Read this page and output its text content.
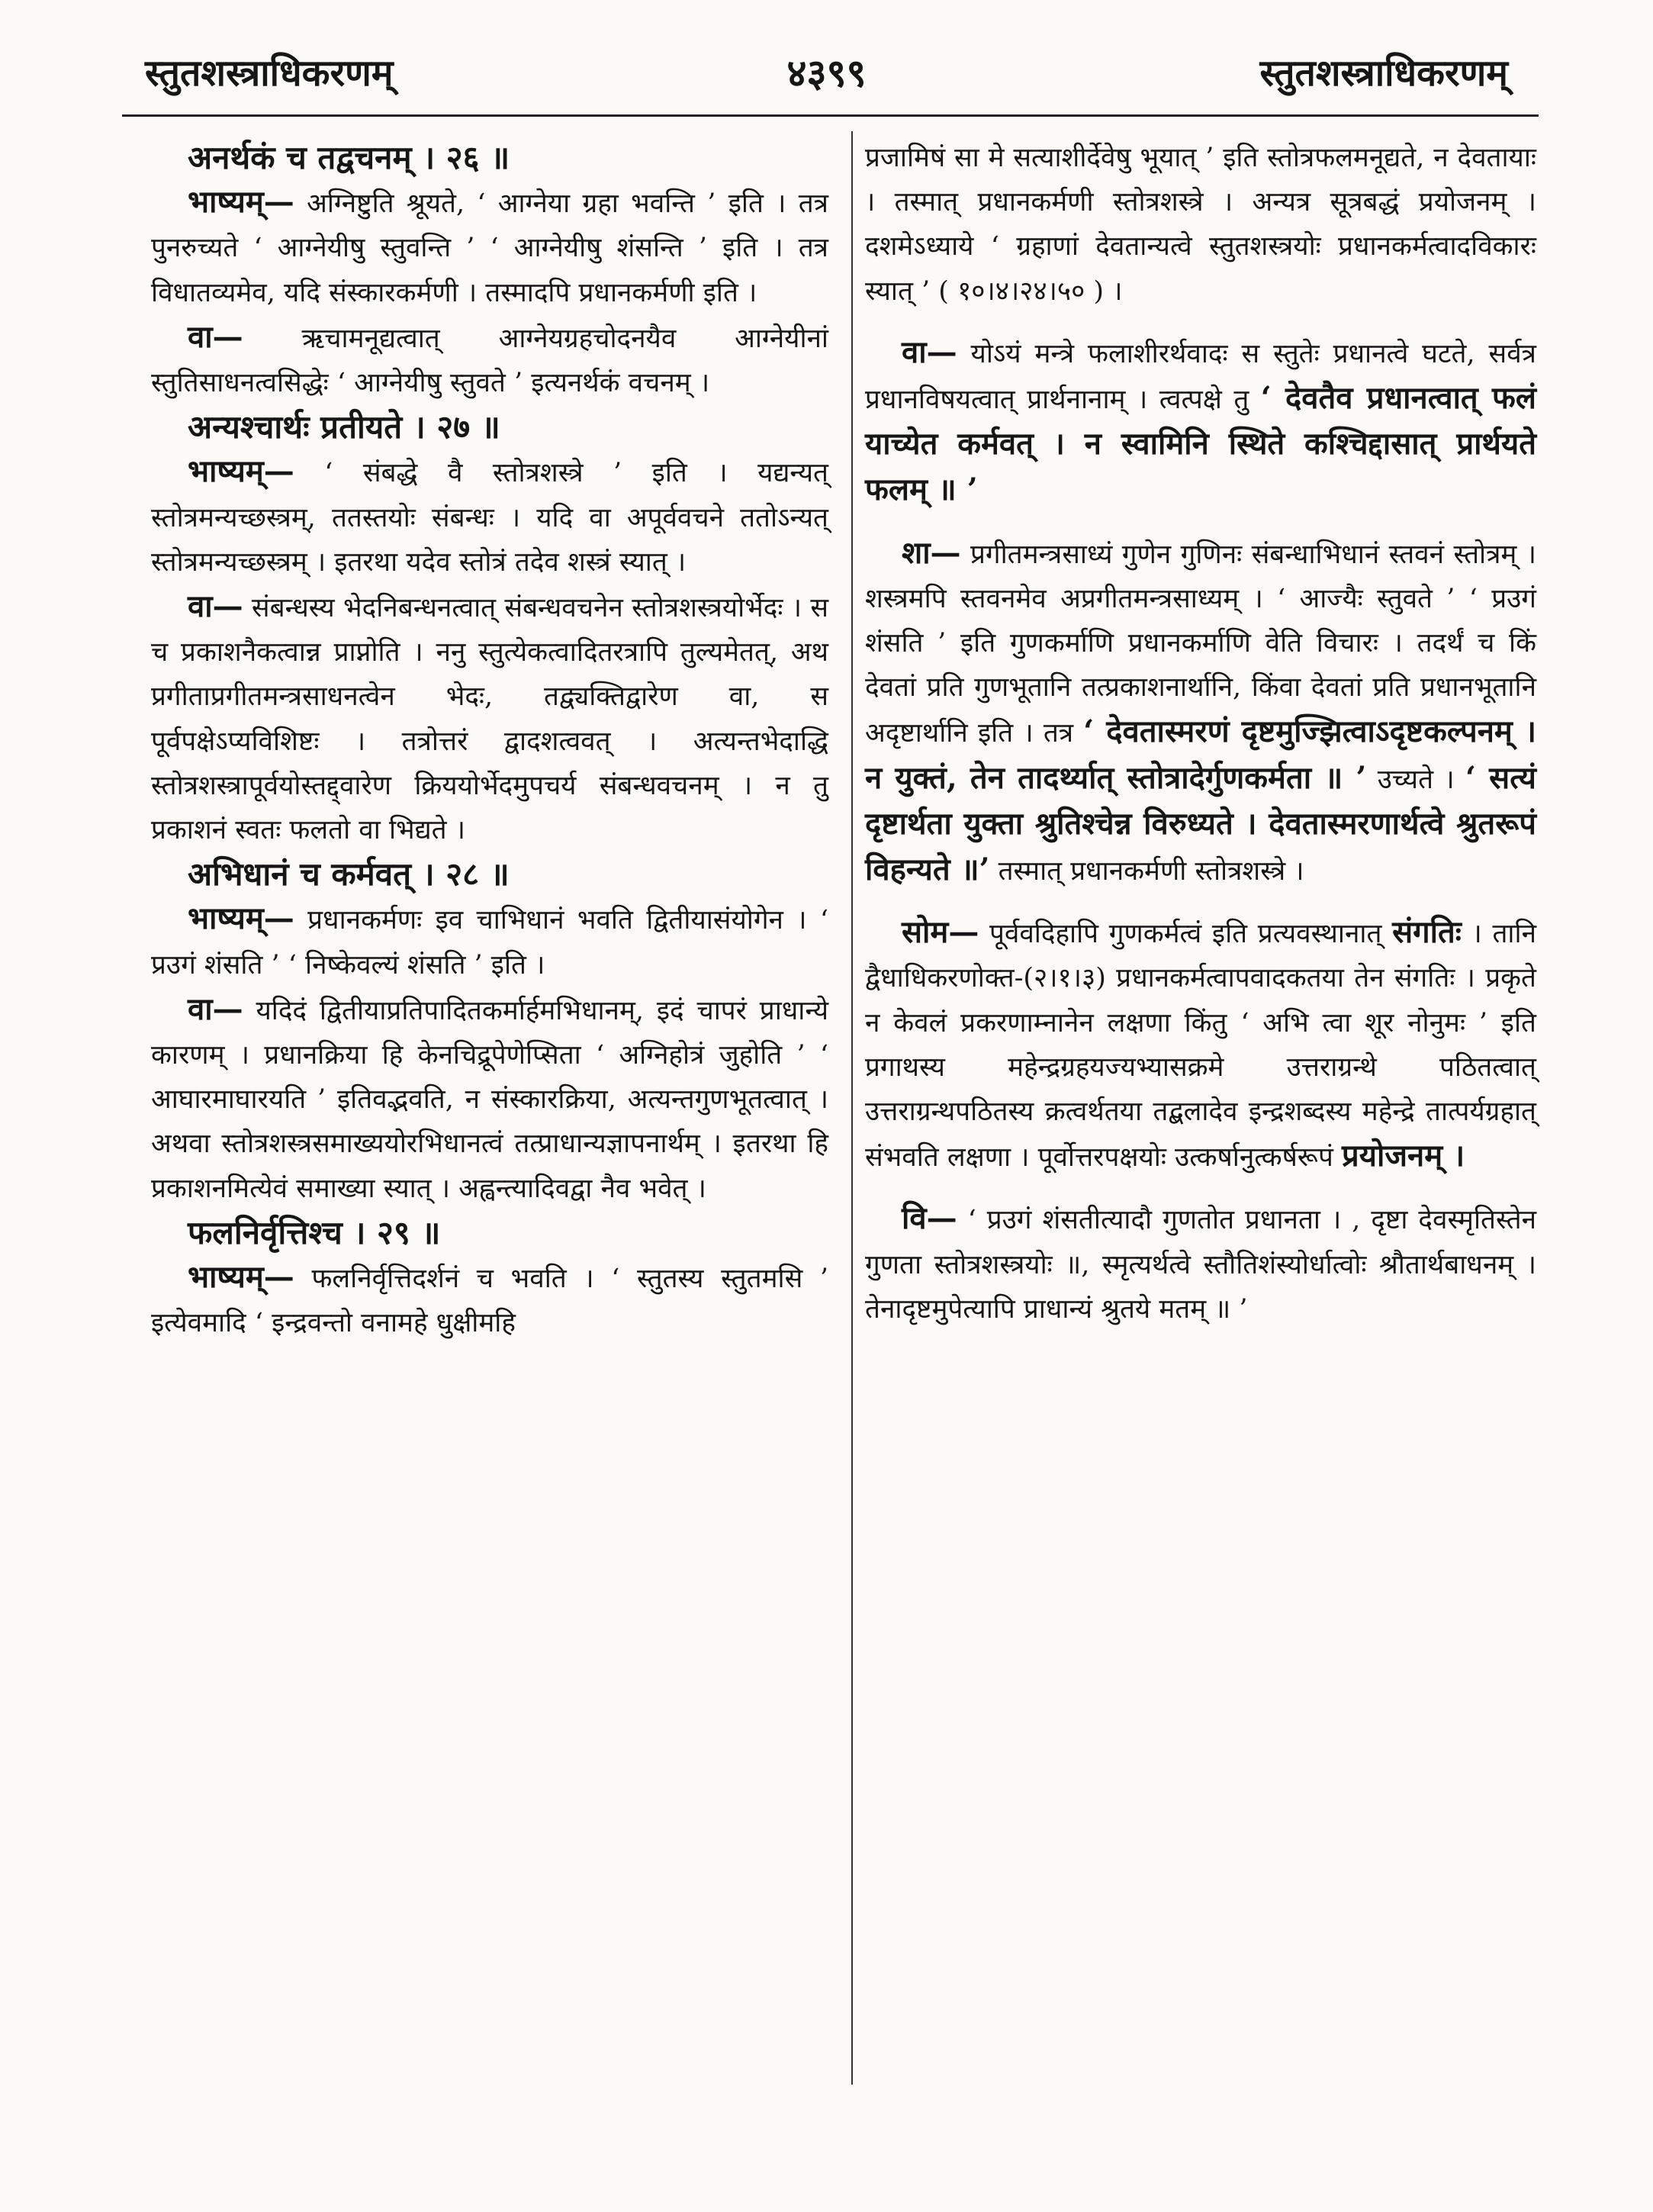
स्तुतशस्त्राधिकरणम्	४३९९	स्तुतशस्त्राधिकरणम्

अनर्थकं च तद्वचनम् । २६ ॥

भाष्यम्— अग्निष्टुति श्रूयते, ‘ आग्नेया ग्रहा भवन्ति ’ इति । तत्र पुनरुच्यते ‘ आग्नेयीषु स्तुवन्ति ’ ‘ आग्नेयीषु शंसन्ति ’ इति । तत्र विधातव्यमेव, यदि संस्कारकर्मणी । तस्मादपि प्रधानकर्मणी इति ।

वा— ऋचामनूद्यत्वात् आग्नेयग्रहचोदनयैव आग्नेयीनां स्तुतिसाधनत्वसिद्धेः ‘ आग्नेयीषु स्तुवते ’ इत्यनर्थकं वचनम् ।

अन्यश्चार्थः प्रतीयते । २७ ॥

भाष्यम्— ‘ संबद्धे वै स्तोत्रशस्त्रे ’ इति । यद्यन्यत् स्तोत्रमन्यच्छस्त्रम्, ततस्तयोः संबन्धः । यदि वा अपूर्ववचने ततोऽन्यत् स्तोत्रमन्यच्छस्त्रम् । इतरथा यदेव स्तोत्रं तदेव शस्त्रं स्यात् ।

वा— संबन्धस्य भेदनिबन्धनत्वात् संबन्धवचनेन स्तोत्रशस्त्रयोर्भेदः । स च प्रकाशनैकत्वान्न प्राप्नोति । ननु स्तुत्येकत्वादितरत्रापि तुल्यमेतत्, अथ प्रगीताप्रगीतमन्त्रसाधनत्वेन भेदः, तद्व्यक्तिद्वारेण वा, स पूर्वपक्षेऽप्यविशिष्टः । तत्रोत्तरं द्वादशत्ववत् । अत्यन्तभेदाद्धि स्तोत्रशस्त्रापूर्वयोस्तद्द्वारेण क्रिययोर्भेदमुपचर्य संबन्धवचनम् । न तु प्रकाशनं स्वतः फलतो वा भिद्यते ।

अभिधानं च कर्मवत् । २८ ॥

भाष्यम्— प्रधानकर्मणः इव चाभिधानं भवति द्वितीयासंयोगेन । ‘ प्रउगं शंसति ’ ‘ निष्केवल्यं शंसति ’ इति ।

वा— यदिदं द्वितीयाप्रतिपादितकर्मार्हमभिधानम्, इदं चापरं प्राधान्ये कारणम् । प्रधानक्रिया हि केनचिद्रूपेणेप्सिता ‘ अग्निहोत्रं जुहोति ’ ‘ आघारमाघारयति ’ इतिवद्भवति, न संस्कारक्रिया, अत्यन्तगुणभूतत्वात् । अथवा स्तोत्रशस्त्रसमाख्ययोरभिधानत्वं तत्प्राधान्यज्ञापनार्थम् । इतरथा हि प्रकाशनमित्येवं समाख्या स्यात् । अह्वन्त्यादिवद्वा नैव भवेत् ।

फलनिर्वृत्तिश्च । २९ ॥

भाष्यम्— फलनिर्वृत्तिदर्शनं च भवति । ‘ स्तुतस्य स्तुतमसि ’ इत्येवमादि ‘ इन्द्रवन्तो वनामहे धुक्षीमहि

प्रजामिषं सा मे सत्याशीर्देवेषु भूयात् ’ इति स्तोत्रफलमनूद्यते, न देवतायाः । तस्मात् प्रधानकर्मणी स्तोत्रशस्त्रे । अन्यत्र सूत्रबद्धं प्रयोजनम् । दशमेऽध्याये ‘ ग्रहाणां देवतान्यत्वे स्तुतशस्त्रयोः प्रधानकर्मत्वादविकारः स्यात् ’ ( १०।४।२४।५० ) ।

वा— योऽयं मन्त्रे फलाशीरर्थवादः स स्तुतेः प्रधानत्वे घटते, सर्वत्र प्रधानविषयत्वात् प्रार्थनानाम् । त्वत्पक्षे तु ‘ देवतैव प्रधानत्वात् फलं याच्येत कर्मवत् । न स्वामिनि स्थिते कश्चिद्दासात् प्रार्थयते फलम् ॥ ’

शा— प्रगीतमन्त्रसाध्यं गुणेन गुणिनः संबन्धाभिधानं स्तवनं स्तोत्रम् । शस्त्रमपि स्तवनमेव अप्रगीतमन्त्रसाध्यम् । ‘ आज्यैः स्तुवते ’ ‘ प्रउगं शंसति ’ इति गुणकर्माणि प्रधानकर्माणि वेति विचारः । तदर्थं च किं देवतां प्रति गुणभूतानि तत्प्रकाशनार्थानि, किंवा देवतां प्रति प्रधानभूतानि अदृष्टार्थानि इति । तत्र ‘ देवतास्मरणं दृष्टमुज्झित्वाऽदृष्टकल्पनम् । न युक्तं, तेन तादर्थ्यात् स्तोत्रादेर्गुणकर्मता ॥ ’ उच्यते । ‘ सत्यं दृष्टार्थता युक्ता श्रुतिश्चेन्न विरुध्यते । देवतास्मरणार्थत्वे श्रुतरूपं विहन्यते ॥’ तस्मात् प्रधानकर्मणी स्तोत्रशस्त्रे ।

सोम— पूर्ववदिहापि गुणकर्मत्वं इति प्रत्यवस्थानात् संगतिः । तानि द्वैधाधिकरणोक्त-(२।१।३) प्रधानकर्मत्वापवादकतया तेन संगतिः । प्रकृते न केवलं प्रकरणाम्नानेन लक्षणा किंतु ‘ अभि त्वा शूर नोनुमः ’ इति प्रगाथस्य महेन्द्रग्रहयज्यभ्यासक्रमे उत्तराग्रन्थे पठितत्वात् उत्तराग्रन्थपठितस्य क्रत्वर्थतया तद्बलादेव इन्द्रशब्दस्य महेन्द्रे तात्पर्यग्रहात् संभवति लक्षणा । पूर्वोत्तरपक्षयोः उत्कर्षानुत्कर्षरूपं प्रयोजनम् ।

वि— ‘ प्रउगं शंसतीत्यादौ गुणतोत प्रधानता । , दृष्टा देवस्मृतिस्तेन गुणता स्तोत्रशस्त्रयोः ॥, स्मृत्यर्थत्वे स्तौतिशंस्योर्धात्वोः श्रौतार्थबाधनम् । तेनादृष्टमुपेत्यापि प्राधान्यं श्रुतये मतम् ॥ ’
